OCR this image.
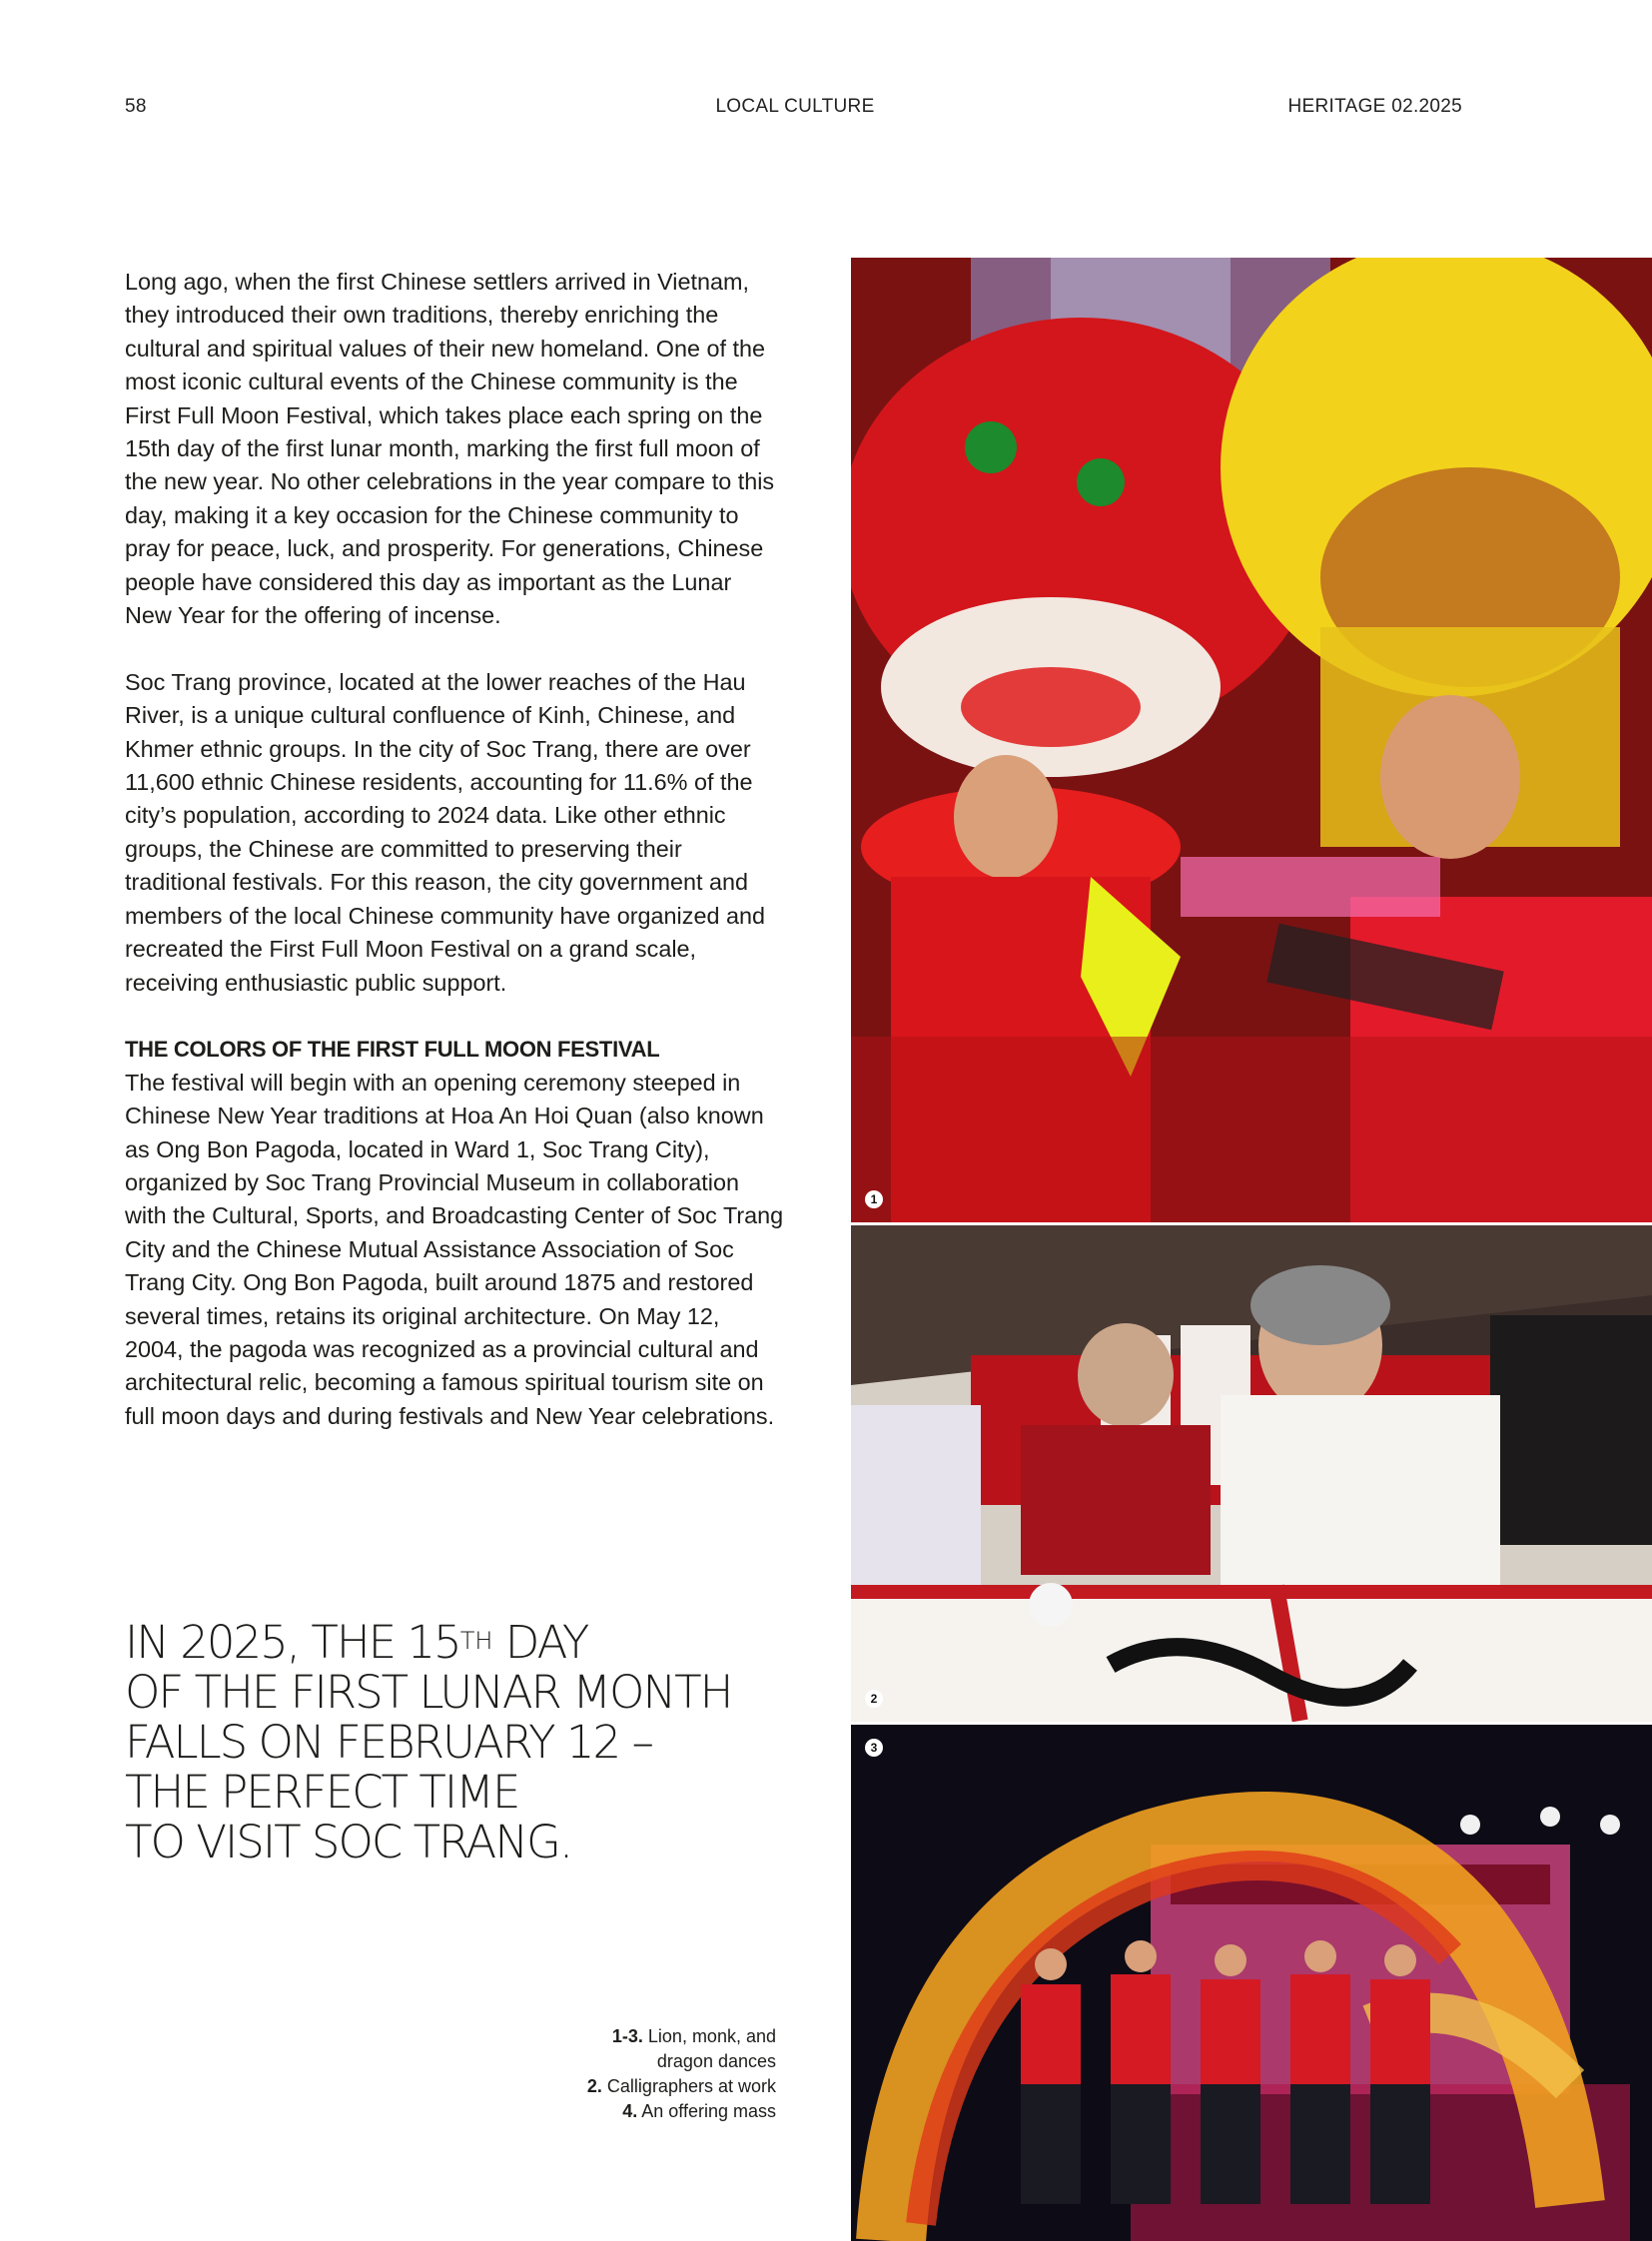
58	LOCAL CULTURE	HERITAGE 02.2025

Long ago, when the first Chinese settlers arrived in Vietnam, they introduced their own traditions, thereby enriching the cultural and spiritual values of their new homeland. One of the most iconic cultural events of the Chinese community is the First Full Moon Festival, which takes place each spring on the 15th day of the first lunar month, marking the first full moon of the new year. No other celebrations in the year compare to this day, making it a key occasion for the Chinese community to pray for peace, luck, and prosperity. For generations, Chinese people have considered this day as important as the Lunar New Year for the offering of incense.

Soc Trang province, located at the lower reaches of the Hau River, is a unique cultural confluence of Kinh, Chinese, and Khmer ethnic groups. In the city of Soc Trang, there are over 11,600 ethnic Chinese residents, accounting for 11.6% of the city’s population, according to 2024 data. Like other ethnic groups, the Chinese are committed to preserving their traditional festivals. For this reason, the city government and members of the local Chinese community have organized and recreated the First Full Moon Festival on a grand scale, receiving enthusiastic public support.

THE COLORS OF THE FIRST FULL MOON FESTIVAL

The festival will begin with an opening ceremony steeped in Chinese New Year traditions at Hoa An Hoi Quan (also known as Ong Bon Pagoda, located in Ward 1, Soc Trang City), organized by Soc Trang Provincial Museum in collaboration with the Cultural, Sports, and Broadcasting Center of Soc Trang City and the Chinese Mutual Assistance Association of Soc Trang City. Ong Bon Pagoda, built around 1875 and restored several times, retains its original architecture. On May 12, 2004, the pagoda was recognized as a provincial cultural and architectural relic, becoming a famous spiritual tourism site on full moon days and during festivals and New Year celebrations.

IN 2025, THE 15TH DAY
OF THE FIRST LUNAR MONTH
FALLS ON FEBRUARY 12 –
THE PERFECT TIME
TO VISIT SOC TRANG.
1-3. Lion, monk, and
dragon dances
2. Calligraphers at work
4. An offering mass
1
2
3
